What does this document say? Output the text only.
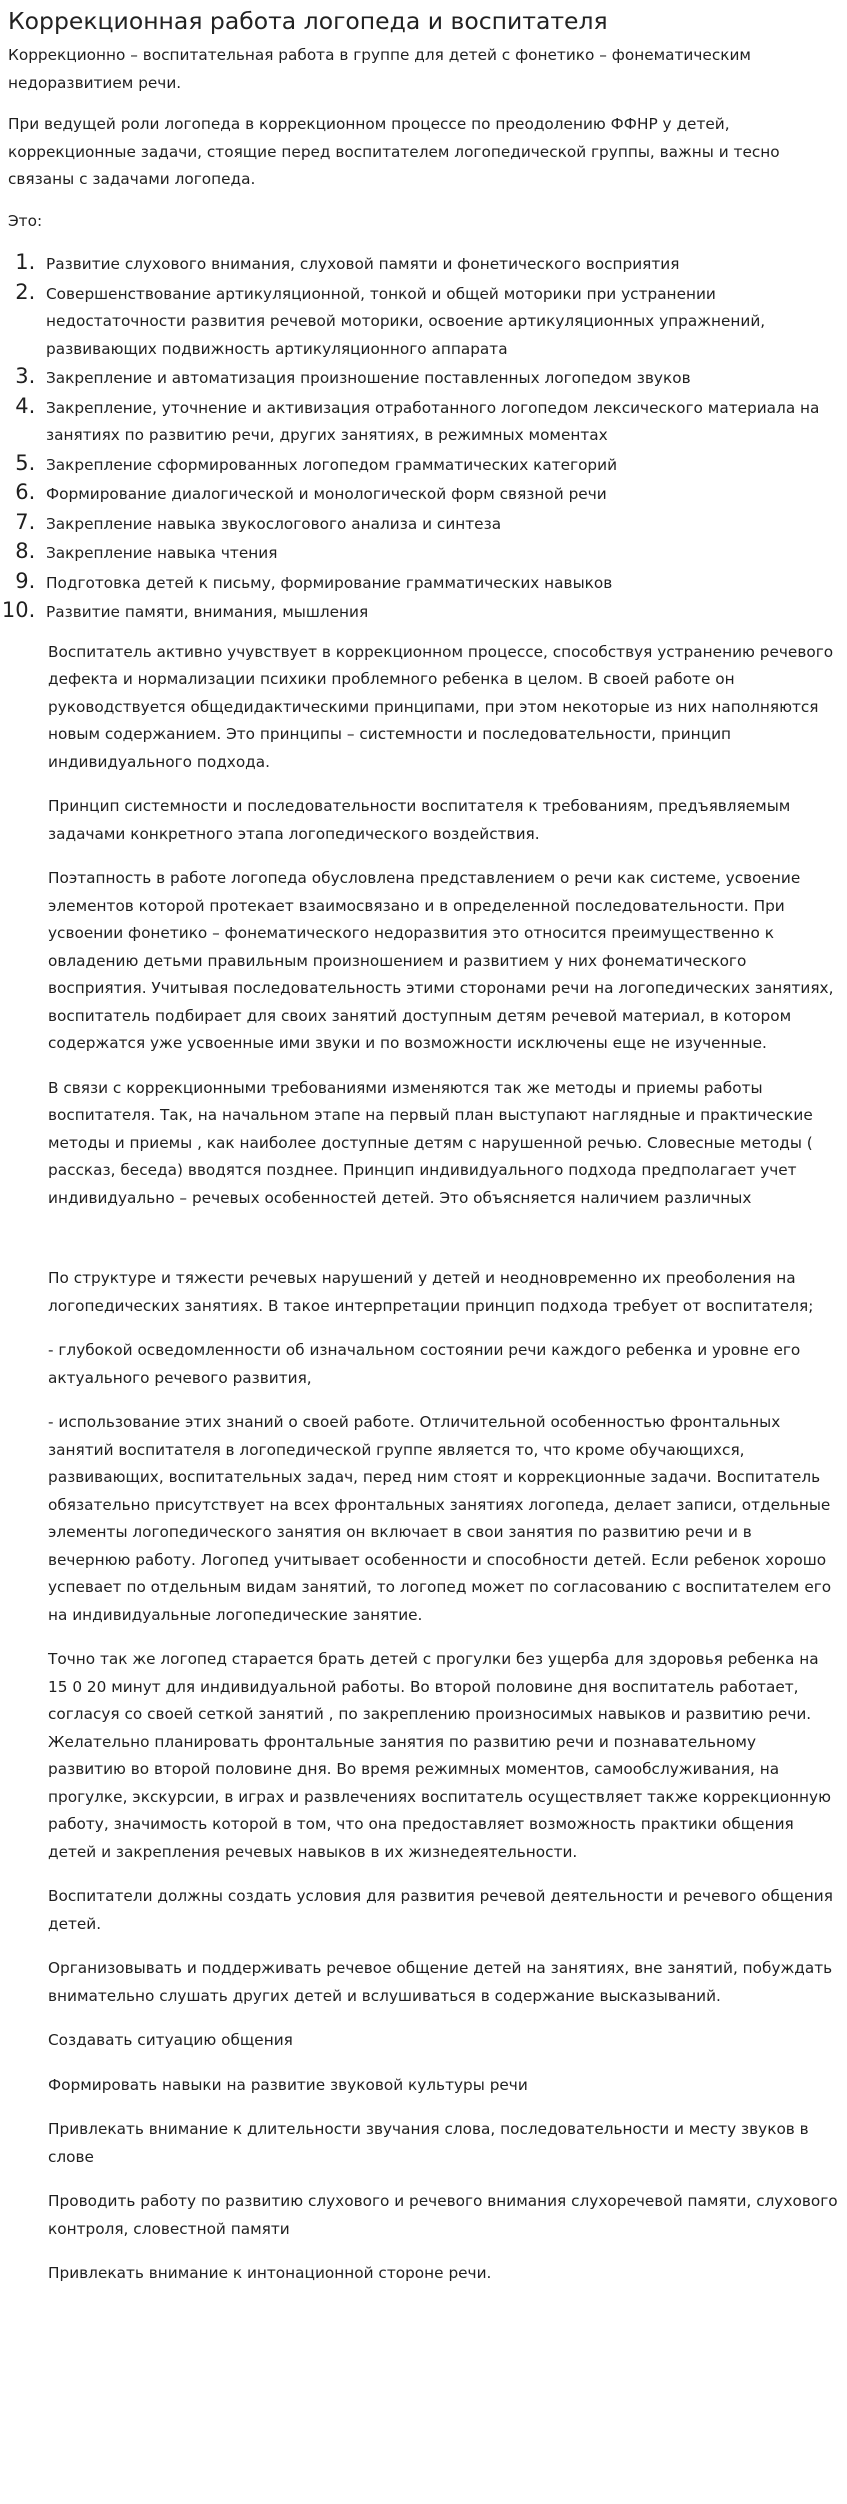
Коррекционная работа логопеда и воспитателя

Коррекционно – воспитательная работа в группе для детей с фонетико – фонематическим недоразвитием речи.

При ведущей роли логопеда в коррекционном процессе по преодолению ФФНР у детей, коррекционные задачи, стоящие перед воспитателем логопедической группы, важны и тесно связаны с задачами логопеда.

Это:

1. Развитие слухового внимания, слуховой памяти и фонетического восприятия
2. Совершенствование артикуляционной, тонкой и общей моторики при устранении недостаточности развития речевой моторики, освоение артикуляционных упражнений, развивающих подвижность артикуляционного аппарата
3. Закрепление и автоматизация произношение поставленных логопедом звуков
4. Закрепление, уточнение и активизация отработанного логопедом лексического материала на занятиях по развитию речи, других занятиях, в режимных моментах
5. Закрепление сформированных логопедом грамматических категорий
6. Формирование диалогической и монологической форм связной речи
7. Закрепление навыка звукослогового анализа и синтеза
8. Закрепление навыка чтения
9. Подготовка детей к письму, формирование грамматических навыков
10. Развитие памяти, внимания, мышления

Воспитатель активно учувствует в коррекционном процессе, способствуя устранению речевого дефекта и нормализации психики проблемного ребенка в целом. В своей работе он руководствуется общедидактическими принципами, при этом некоторые из них наполняются новым содержанием. Это принципы – системности и последовательности, принцип индивидуального подхода.

Принцип системности и последовательности воспитателя к требованиям, предъявляемым задачами конкретного этапа логопедического воздействия.

Поэтапность в работе логопеда обусловлена представлением о речи как системе, усвоение элементов которой протекает взаимосвязано и в определенной последовательности. При усвоении фонетико – фонематического недоразвития это относится преимущественно к овладению детьми правильным произношением и развитием у них фонематического восприятия. Учитывая последовательность этими сторонами речи на логопедических занятиях, воспитатель подбирает для своих занятий доступным детям речевой материал, в котором содержатся уже усвоенные ими звуки и по возможности исключены еще не изученные.

В связи с коррекционными требованиями изменяются так же методы и приемы работы воспитателя. Так, на начальном этапе на первый план выступают наглядные и практические методы и приемы , как наиболее доступные детям с нарушенной речью. Словесные методы ( рассказ, беседа) вводятся позднее. Принцип индивидуального подхода предполагает учет индивидуально – речевых особенностей детей. Это объясняется наличием различных

По структуре и тяжести речевых нарушений у детей и неодновременно их преоболения на логопедических занятиях. В такое интерпретации принцип подхода требует от воспитателя;

- глубокой осведомленности об изначальном состоянии речи каждого ребенка и уровне его актуального речевого развития,

- использование этих знаний о своей работе. Отличительной особенностью фронтальных занятий воспитателя в логопедической группе является то, что кроме обучающихся, развивающих, воспитательных задач, перед ним стоят и коррекционные задачи. Воспитатель обязательно присутствует на всех фронтальных занятиях логопеда, делает записи, отдельные элементы логопедического занятия он включает в свои занятия по развитию речи и в вечернюю работу. Логопед учитывает особенности и способности детей. Если ребенок хорошо успевает по отдельным видам занятий, то логопед может по согласованию с воспитателем его на индивидуальные логопедические занятие.

Точно так же логопед старается брать детей с прогулки без ущерба для здоровья ребенка на 15 0 20 минут для индивидуальной работы. Во второй половине дня воспитатель работает, согласуя со своей сеткой занятий , по закреплению произносимых навыков и развитию речи. Желательно планировать фронтальные занятия по развитию речи и познавательному развитию во второй половине дня. Во время режимных моментов, самообслуживания, на прогулке, экскурсии, в играх и развлечениях воспитатель осуществляет также коррекционную работу, значимость которой в том, что она предоставляет возможность практики общения детей и закрепления речевых навыков в их жизнедеятельности.

Воспитатели должны создать условия для развития речевой деятельности и речевого общения детей.

Организовывать и поддерживать речевое общение детей на занятиях, вне занятий, побуждать внимательно слушать других детей и вслушиваться в содержание высказываний.

Создавать ситуацию общения

Формировать навыки на развитие звуковой культуры речи

Привлекать внимание к длительности звучания слова, последовательности и месту звуков в слове

Проводить работу по развитию слухового и речевого внимания слухоречевой памяти, слухового контроля, словестной памяти

Привлекать внимание к интонационной стороне речи.
